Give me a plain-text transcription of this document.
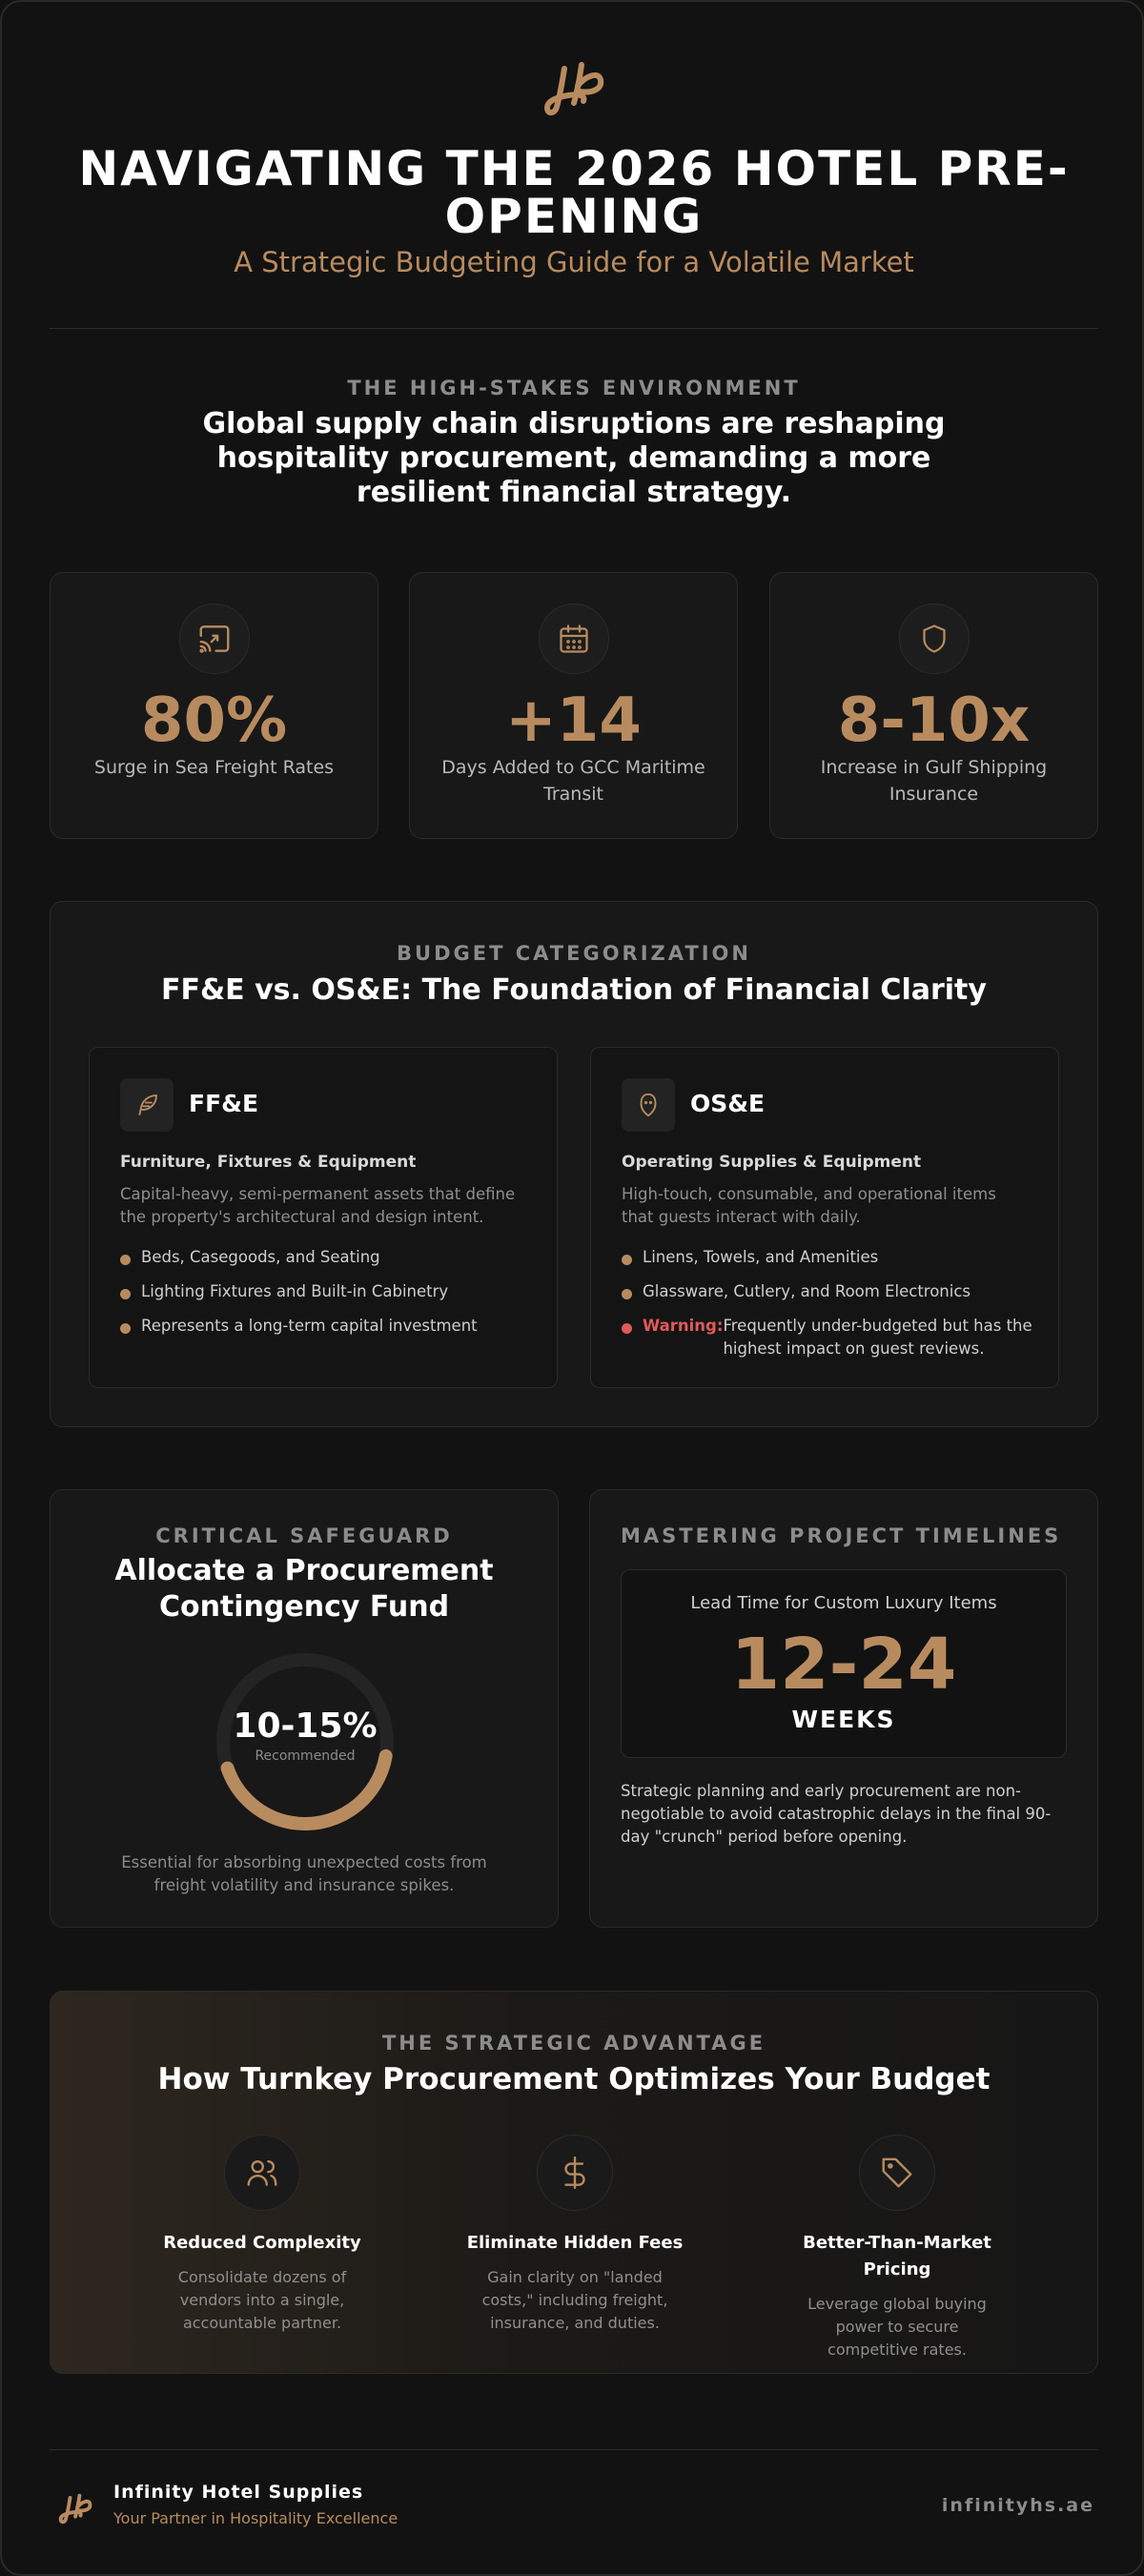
NAVIGATING THE 2026 HOTEL PRE-OPENING
A Strategic Budgeting Guide for a Volatile Market
THE HIGH-STAKES ENVIRONMENT
Global supply chain disruptions are reshaping hospitality procurement, demanding a more resilient financial strategy.
80%
Surge in Sea Freight Rates
+14
Days Added to GCC Maritime Transit
8-10x
Increase in Gulf Shipping Insurance
BUDGET CATEGORIZATION
FF&E vs. OS&E: The Foundation of Financial Clarity
FF&E
Furniture, Fixtures & Equipment
Capital-heavy, semi-permanent assets that define the property's architectural and design intent.
Beds, Casegoods, and Seating
Lighting Fixtures and Built-in Cabinetry
Represents a long-term capital investment
OS&E
Operating Supplies & Equipment
High-touch, consumable, and operational items that guests interact with daily.
Linens, Towels, and Amenities
Glassware, Cutlery, and Room Electronics
Warning: Frequently under-budgeted but has the highest impact on guest reviews.
CRITICAL SAFEGUARD
Allocate a Procurement Contingency Fund
10-15%
Recommended
Essential for absorbing unexpected costs from freight volatility and insurance spikes.
MASTERING PROJECT TIMELINES
Lead Time for Custom Luxury Items
12-24
WEEKS
Strategic planning and early procurement are non-negotiable to avoid catastrophic delays in the final 90-day "crunch" period before opening.
THE STRATEGIC ADVANTAGE
How Turnkey Procurement Optimizes Your Budget
Reduced Complexity
Consolidate dozens of vendors into a single, accountable partner.
Eliminate Hidden Fees
Gain clarity on "landed costs," including freight, insurance, and duties.
Better-Than-Market Pricing
Leverage global buying power to secure competitive rates.
Infinity Hotel Supplies
Your Partner in Hospitality Excellence
infinityhs.ae
